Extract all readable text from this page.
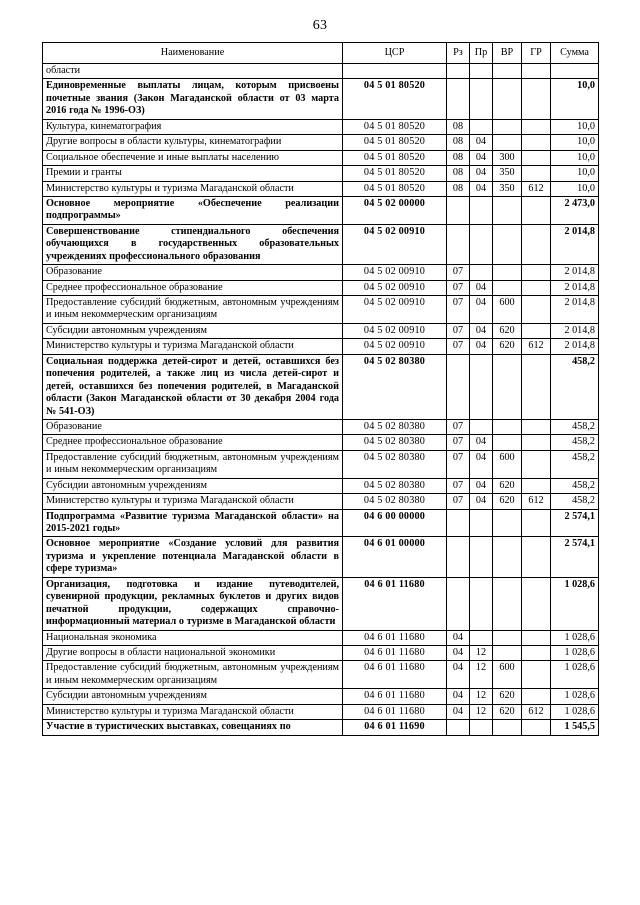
63
Наименование	ЦСР	Рз	Пр	ВР	ГР	Сумма
области						
Единовременные выплаты лицам, которым присвоены почетные звания (Закон Магаданской области от 03 марта 2016 года № 1996-ОЗ)	04 5 01 80520					10,0
Культура, кинематография	04 5 01 80520	08				10,0
Другие вопросы в области культуры, кинематографии	04 5 01 80520	08	04			10,0
Социальное обеспечение и иные выплаты населению	04 5 01 80520	08	04	300		10,0
Премии и гранты	04 5 01 80520	08	04	350		10,0
Министерство культуры и туризма Магаданской области	04 5 01 80520	08	04	350	612	10,0
Основное мероприятие «Обеспечение реализации подпрограммы»	04 5 02 00000					2 473,0
Совершенствование стипендиального обеспечения обучающихся в государственных образовательных учреждениях профессионального образования	04 5 02 00910					2 014,8
Образование	04 5 02 00910	07				2 014,8
Среднее профессиональное образование	04 5 02 00910	07	04			2 014,8
Предоставление субсидий бюджетным, автономным учреждениям и иным некоммерческим организациям	04 5 02 00910	07	04	600		2 014,8
Субсидии автономным учреждениям	04 5 02 00910	07	04	620		2 014,8
Министерство культуры и туризма Магаданской области	04 5 02 00910	07	04	620	612	2 014,8
Социальная поддержка детей-сирот и детей, оставшихся без попечения родителей, а также лиц из числа детей-сирот и детей, оставшихся без попечения родителей, в Магаданской области (Закон Магаданской области от 30 декабря 2004 года № 541-ОЗ)	04 5 02 80380					458,2
Образование	04 5 02 80380	07				458,2
Среднее профессиональное образование	04 5 02 80380	07	04			458,2
Предоставление субсидий бюджетным, автономным учреждениям и иным некоммерческим организациям	04 5 02 80380	07	04	600		458,2
Субсидии автономным учреждениям	04 5 02 80380	07	04	620		458,2
Министерство культуры и туризма Магаданской области	04 5 02 80380	07	04	620	612	458,2
Подпрограмма «Развитие туризма Магаданской области» на 2015-2021 годы»	04 6 00 00000					2 574,1
Основное мероприятие «Создание условий для развития туризма и укрепление потенциала Магаданской области в сфере туризма»	04 6 01 00000					2 574,1
Организация, подготовка и издание путеводителей, сувенирной продукции, рекламных буклетов и других видов печатной продукции, содержащих справочно- информационный материал о туризме в Магаданской области	04 6 01 11680					1 028,6
Национальная экономика	04 6 01 11680	04				1 028,6
Другие вопросы в области национальной экономики	04 6 01 11680	04	12			1 028,6
Предоставление субсидий бюджетным, автономным учреждениям и иным некоммерческим организациям	04 6 01 11680	04	12	600		1 028,6
Субсидии автономным учреждениям	04 6 01 11680	04	12	620		1 028,6
Министерство культуры и туризма Магаданской области	04 6 01 11680	04	12	620	612	1 028,6
Участие в туристических выставках, совещаниях по	04 6 01 11690					1 545,5
